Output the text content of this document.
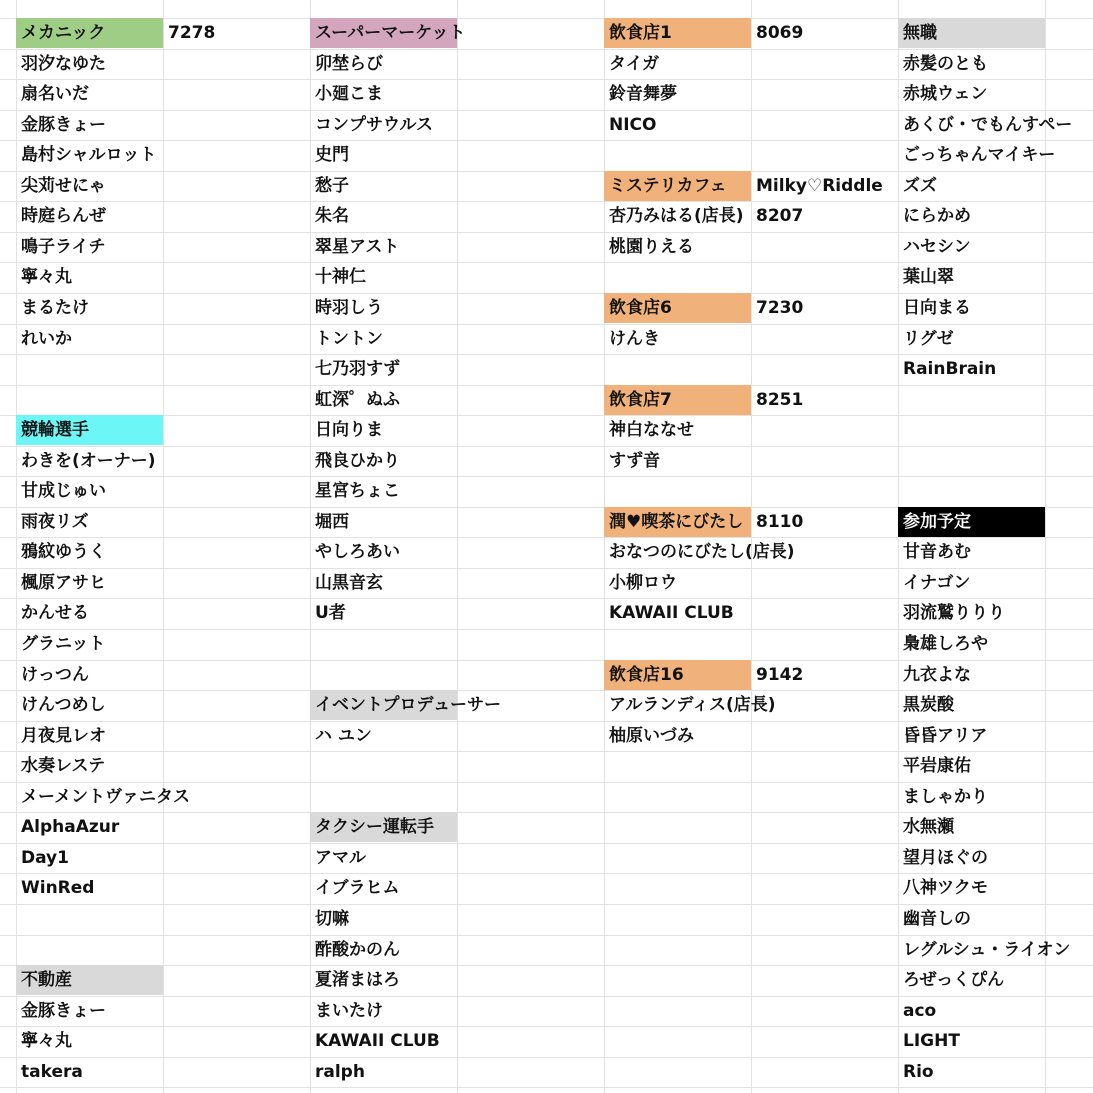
メカニック	7278
羽汐なゆた
扇名いだ
金豚きょー
島村シャルロット
尖苅せにゃ
時庭らんぜ
鳴子ライチ
寧々丸
まるたけ
れいか
競輪選手
わきを(オーナー)
甘成じゅい
雨夜リズ
鴉紋ゆうく
楓原アサヒ
かんせる
グラニット
けっつん
けんつめし
月夜見レオ
水奏レステ
メーメントヴァニタス
AlphaAzur
Day1
WinRed
不動産
金豚きょー
寧々丸
takera
スーパーマーケット
卯埜らび
小廻こま
コンプサウルス
史門
愁子
朱名
翠星アスト
十神仁
時羽しう
トントン
七乃羽すず
虹深゜ぬふ
日向りま
飛良ひかり
星宮ちょこ
堀西
やしろあい
山黒音玄
U者
イベントプロデューサー
ハ ユン
タクシー運転手
アマル
イブラヒム
切嘛
酢酸かのん
夏渚まはろ
まいたけ
KAWAII CLUB
ralph
飲食店1	8069
タイガ
鈴音舞夢
NICO
ミステリカフェ	Milky♡Riddle
杏乃みはる(店長) 8207
桃園りえる
飲食店6	7230
けんき
飲食店7	8251
神白ななせ
すず音
潤♥喫茶にびたし 8110
おなつのにびたし(店長)
小柳ロウ
KAWAII CLUB
飲食店16	9142
アルランディス(店長)
柚原いづみ
無職
赤髪のとも
赤城ウェン
あくび・でもんすペー
ごっちゃんマイキー
ズズ
にらかめ
ハセシン
葉山翠
日向まる
リグゼ
RainBrain
参加予定
甘音あむ
イナゴン
羽流鷲りりり
梟雄しろや
九衣よな
黒炭酸
昏昏アリア
平岩康佑
ましゃかり
水無瀬
望月ほぐの
八神ツクモ
幽音しの
レグルシュ・ライオン
ろぜっくぴん
aco
LIGHT
Rio
